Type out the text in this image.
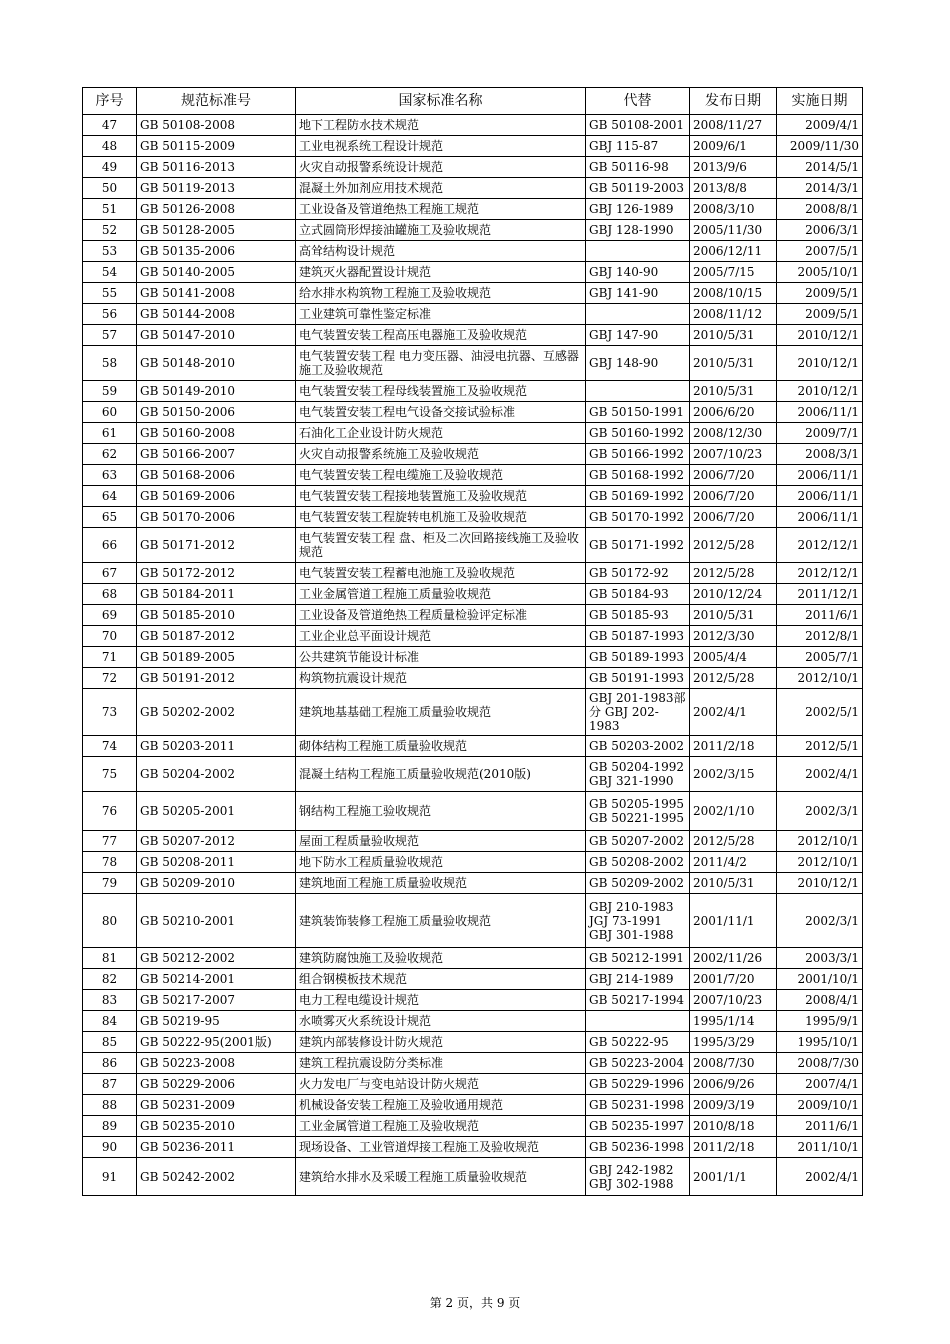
序号	规范标准号	国家标准名称	代替	发布日期	实施日期
47	GB 50108-2008	地下工程防水技术规范	GB 50108-2001	2008/11/27	2009/4/1
48	GB 50115-2009	工业电视系统工程设计规范	GBJ 115-87	2009/6/1	2009/11/30
49	GB 50116-2013	火灾自动报警系统设计规范	GB 50116-98	2013/9/6	2014/5/1
50	GB 50119-2013	混凝土外加剂应用技术规范	GB 50119-2003	2013/8/8	2014/3/1
51	GB 50126-2008	工业设备及管道绝热工程施工规范	GBJ 126-1989	2008/3/10	2008/8/1
52	GB 50128-2005	立式圆筒形焊接油罐施工及验收规范	GBJ 128-1990	2005/11/30	2006/3/1
53	GB 50135-2006	高耸结构设计规范		2006/12/11	2007/5/1
54	GB 50140-2005	建筑灭火器配置设计规范	GBJ 140-90	2005/7/15	2005/10/1
55	GB 50141-2008	给水排水构筑物工程施工及验收规范	GBJ 141-90	2008/10/15	2009/5/1
56	GB 50144-2008	工业建筑可靠性鉴定标准		2008/11/12	2009/5/1
57	GB 50147-2010	电气装置安装工程高压电器施工及验收规范	GBJ 147-90	2010/5/31	2010/12/1
58	GB 50148-2010	电气装置安装工程 电力变压器、油浸电抗器、互感器施工及验收规范	GBJ 148-90	2010/5/31	2010/12/1
59	GB 50149-2010	电气装置安装工程母线装置施工及验收规范		2010/5/31	2010/12/1
60	GB 50150-2006	电气装置安装工程电气设备交接试验标准	GB 50150-1991	2006/6/20	2006/11/1
61	GB 50160-2008	石油化工企业设计防火规范	GB 50160-1992	2008/12/30	2009/7/1
62	GB 50166-2007	火灾自动报警系统施工及验收规范	GB 50166-1992	2007/10/23	2008/3/1
63	GB 50168-2006	电气装置安装工程电缆施工及验收规范	GB 50168-1992	2006/7/20	2006/11/1
64	GB 50169-2006	电气装置安装工程接地装置施工及验收规范	GB 50169-1992	2006/7/20	2006/11/1
65	GB 50170-2006	电气装置安装工程旋转电机施工及验收规范	GB 50170-1992	2006/7/20	2006/11/1
66	GB 50171-2012	电气装置安装工程 盘、柜及二次回路接线施工及验收规范	GB 50171-1992	2012/5/28	2012/12/1
67	GB 50172-2012	电气装置安装工程蓄电池施工及验收规范	GB 50172-92	2012/5/28	2012/12/1
68	GB 50184-2011	工业金属管道工程施工质量验收规范	GB 50184-93	2010/12/24	2011/12/1
69	GB 50185-2010	工业设备及管道绝热工程质量检验评定标准	GB 50185-93	2010/5/31	2011/6/1
70	GB 50187-2012	工业企业总平面设计规范	GB 50187-1993	2012/3/30	2012/8/1
71	GB 50189-2005	公共建筑节能设计标准	GB 50189-1993	2005/4/4	2005/7/1
72	GB 50191-2012	构筑物抗震设计规范	GB 50191-1993	2012/5/28	2012/10/1
73	GB 50202-2002	建筑地基基础工程施工质量验收规范	GBJ 201-1983部分 GBJ 202-1983	2002/4/1	2002/5/1
74	GB 50203-2011	砌体结构工程施工质量验收规范	GB 50203-2002	2011/2/18	2012/5/1
75	GB 50204-2002	混凝土结构工程施工质量验收规范(2010版)	GB 50204-1992 GBJ 321-1990	2002/3/15	2002/4/1
76	GB 50205-2001	钢结构工程施工验收规范	GB 50205-1995 GB 50221-1995	2002/1/10	2002/3/1
77	GB 50207-2012	屋面工程质量验收规范	GB 50207-2002	2012/5/28	2012/10/1
78	GB 50208-2011	地下防水工程质量验收规范	GB 50208-2002	2011/4/2	2012/10/1
79	GB 50209-2010	建筑地面工程施工质量验收规范	GB 50209-2002	2010/5/31	2010/12/1
80	GB 50210-2001	建筑装饰装修工程施工质量验收规范	GBJ 210-1983 JGJ 73-1991 GBJ 301-1988	2001/11/1	2002/3/1
81	GB 50212-2002	建筑防腐蚀施工及验收规范	GB 50212-1991	2002/11/26	2003/3/1
82	GB 50214-2001	组合钢模板技术规范	GBJ 214-1989	2001/7/20	2001/10/1
83	GB 50217-2007	电力工程电缆设计规范	GB 50217-1994	2007/10/23	2008/4/1
84	GB 50219-95	水喷雾灭火系统设计规范		1995/1/14	1995/9/1
85	GB 50222-95(2001版)	建筑内部装修设计防火规范	GB 50222-95	1995/3/29	1995/10/1
86	GB 50223-2008	建筑工程抗震设防分类标准	GB 50223-2004	2008/7/30	2008/7/30
87	GB 50229-2006	火力发电厂与变电站设计防火规范	GB 50229-1996	2006/9/26	2007/4/1
88	GB 50231-2009	机械设备安装工程施工及验收通用规范	GB 50231-1998	2009/3/19	2009/10/1
89	GB 50235-2010	工业金属管道工程施工及验收规范	GB 50235-1997	2010/8/18	2011/6/1
90	GB 50236-2011	现场设备、工业管道焊接工程施工及验收规范	GB 50236-1998	2011/2/18	2011/10/1
91	GB 50242-2002	建筑给水排水及采暖工程施工质量验收规范	GBJ 242-1982 GBJ 302-1988	2001/1/1	2002/4/1
第 2 页，共 9 页
